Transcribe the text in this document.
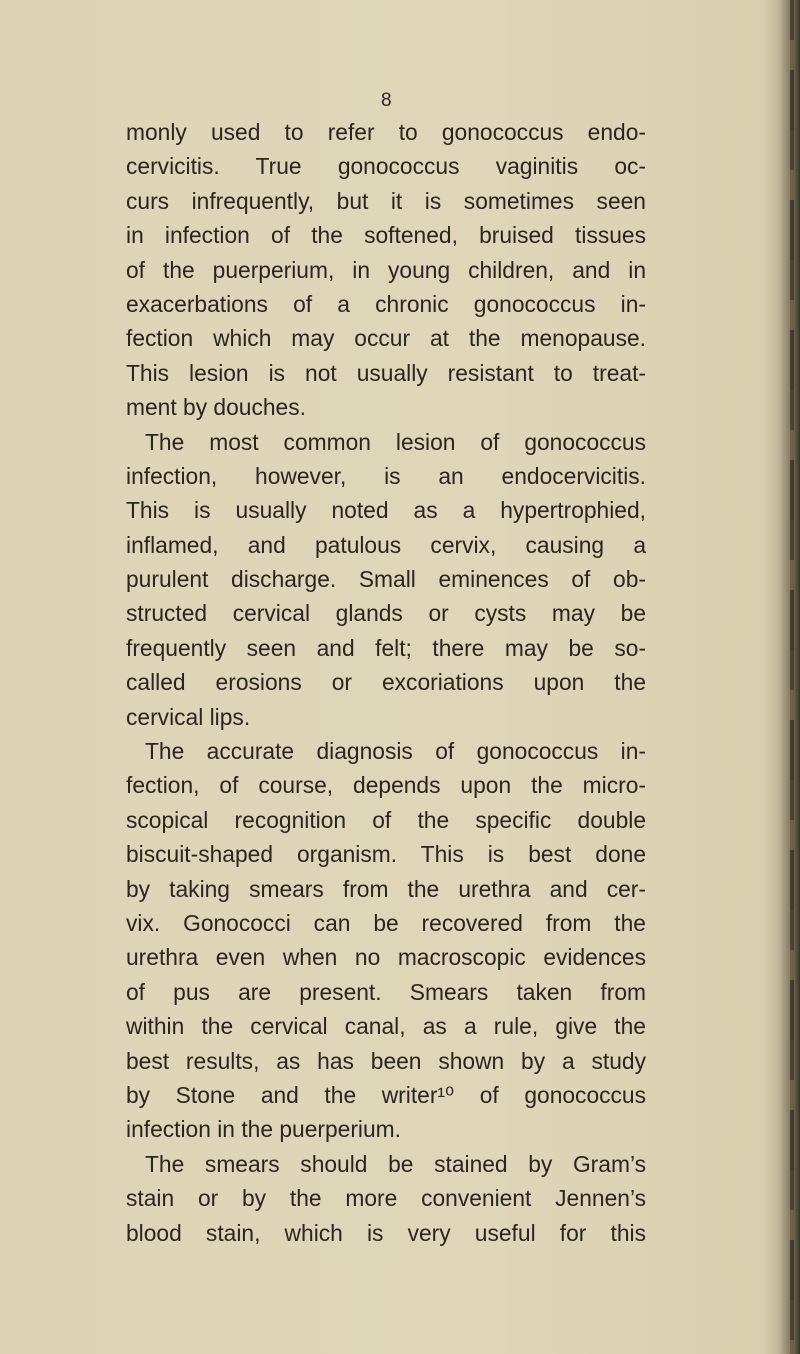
8
monly used to refer to gonococcus endo-
cervicitis. True gonococcus vaginitis oc-
curs infrequently, but it is sometimes seen
in infection of the softened, bruised tissues
of the puerperium, in young children, and in
exacerbations of a chronic gonococcus in-
fection which may occur at the menopause.
This lesion is not usually resistant to treat-
ment by douches.
The most common lesion of gonococcus
infection, however, is an endocervicitis.
This is usually noted as a hypertrophied,
inflamed, and patulous cervix, causing a
purulent discharge. Small eminences of ob-
structed cervical glands or cysts may be
frequently seen and felt; there may be so-
called erosions or excoriations upon the
cervical lips.
The accurate diagnosis of gonococcus in-
fection, of course, depends upon the micro-
scopical recognition of the specific double
biscuit-shaped organism. This is best done
by taking smears from the urethra and cer-
vix. Gonococci can be recovered from the
urethra even when no macroscopic evidences
of pus are present. Smears taken from
within the cervical canal, as a rule, give the
best results, as has been shown by a study
by Stone and the writer¹⁰ of gonococcus
infection in the puerperium.
The smears should be stained by Gram’s
stain or by the more convenient Jennen’s
blood stain, which is very useful for this
